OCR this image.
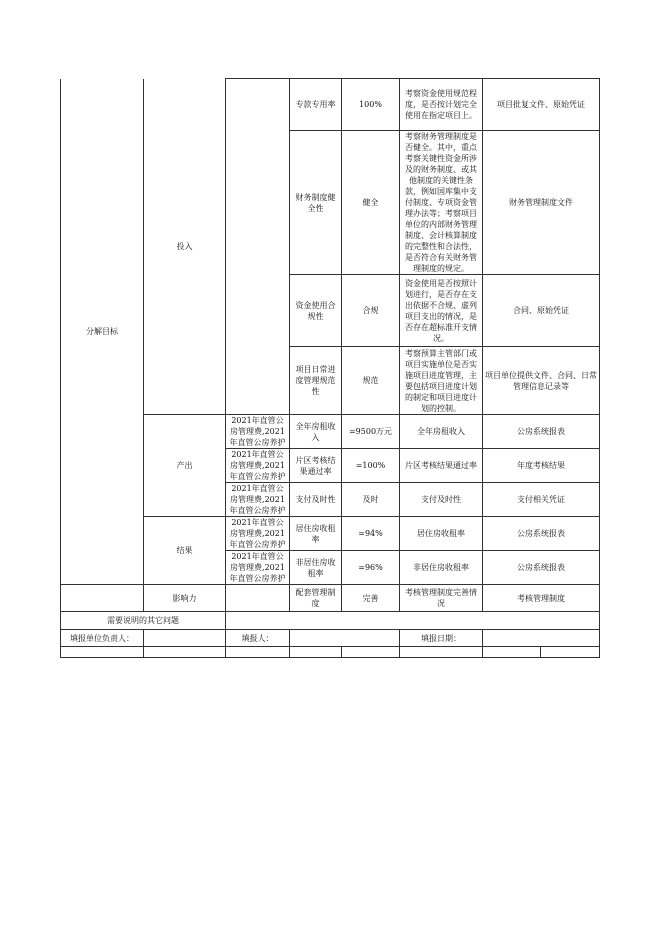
分解目标	投入		专款专用率	100%	考察资金使用规范程度，是否按计划完全使用在指定项目上。	项目批复文件、原始凭证	
			财务制度健全性	健全	考察财务管理制度是否健全。其中，重点考察关键性资金所涉及的财务制度、或其他制度的关键性条款，例如国库集中支付制度、专项资金管理办法等；考察项目单位的内部财务管理制度、会计核算制度的完整性和合法性，是否符合有关财务管理制度的规定。	财务管理制度文件	
			资金使用合规性	合规	资金使用是否按照计划进行，是否存在支出依据不合规、虚列项目支出的情况，是否存在超标准开支情况。	合同、原始凭证	
			项目日常进度管理规范性	规范	考察预算主管部门或项目实施单位是否实施项目进度管理，主要包括项目进度计划的制定和项目进度计划的控制。	项目单位提供文件、合同、日常管理信息记录等	
	产出	2021年直管公房管理费,2021年直管公房养护	全年房租收入	=9500万元	全年房租收入	公房系统报表	
		2021年直管公房管理费,2021年直管公房养护	片区考核结果通过率	=100%	片区考核结果通过率	年度考核结果	
		2021年直管公房管理费,2021年直管公房养护	支付及时性	及时	支付及时性	支付相关凭证	
	结果	2021年直管公房管理费,2021年直管公房养护	居住房收租率	=94%	居住房收租率	公房系统报表	
		2021年直管公房管理费,2021年直管公房养护	非居住房收租率	=96%	非居住房收租率	公房系统报表	
	影响力		配套管理制度	完善	考核管理制度完善情况	考核管理制度	
需要说明的其它问题							
填报单位负责人：		填报人：			填报日期：		
